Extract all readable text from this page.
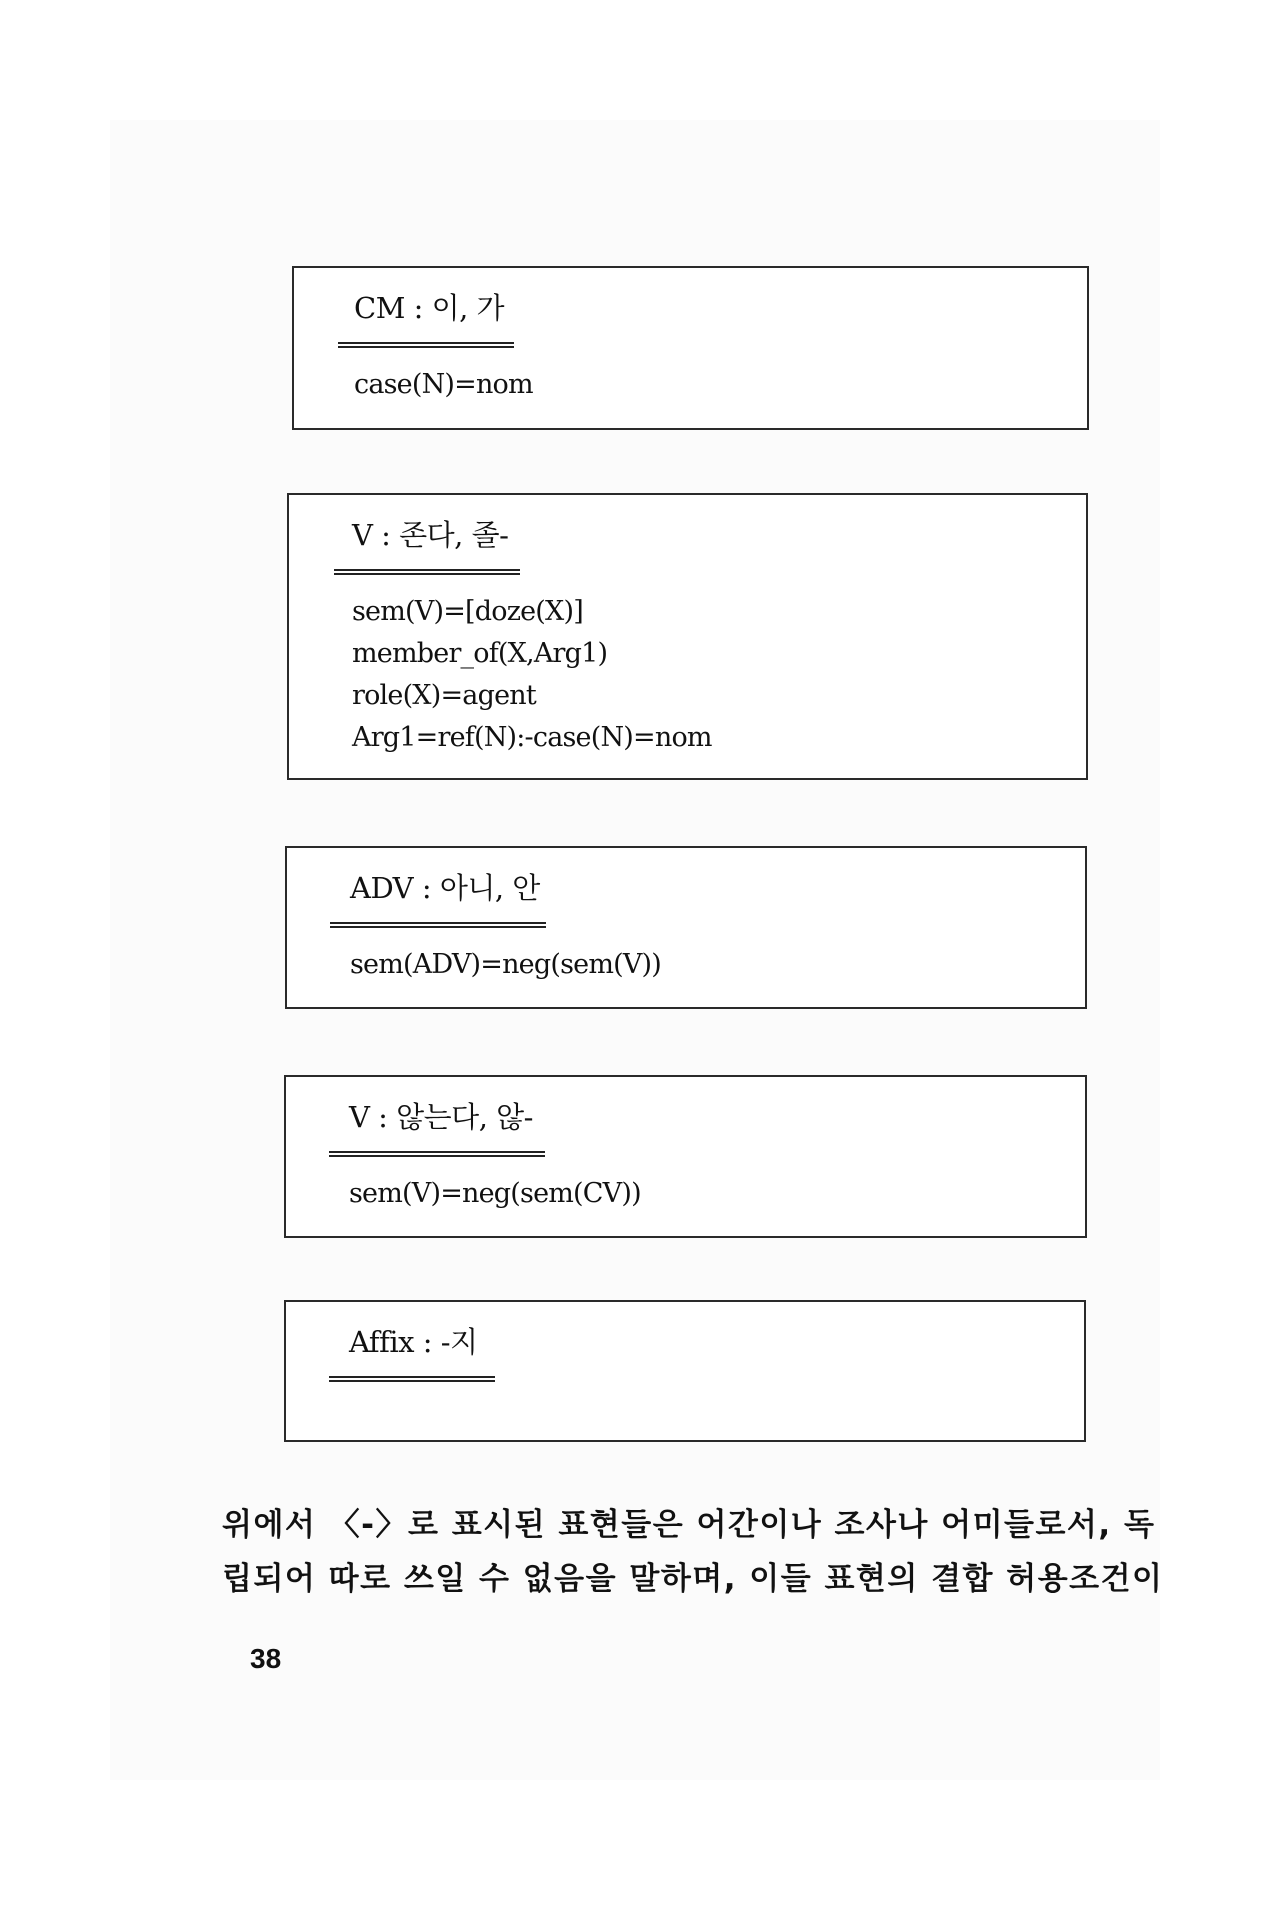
CM : 이, 가
case(N)=nom
V : 존다, 졸-
sem(V)=[doze(X)]
member_of(X,Arg1)
role(X)=agent
Arg1=ref(N):-case(N)=nom
ADV : 아니, 안
sem(ADV)=neg(sem(V))
V : 않는다, 않-
sem(V)=neg(sem(CV))
Affix : -지

위에서 〈-〉로 표시된 표현들은 어간이나 조사나 어미들로서, 독

립되어 따로 쓰일 수 없음을 말하며, 이들 표현의 결합 허용조건이

38
